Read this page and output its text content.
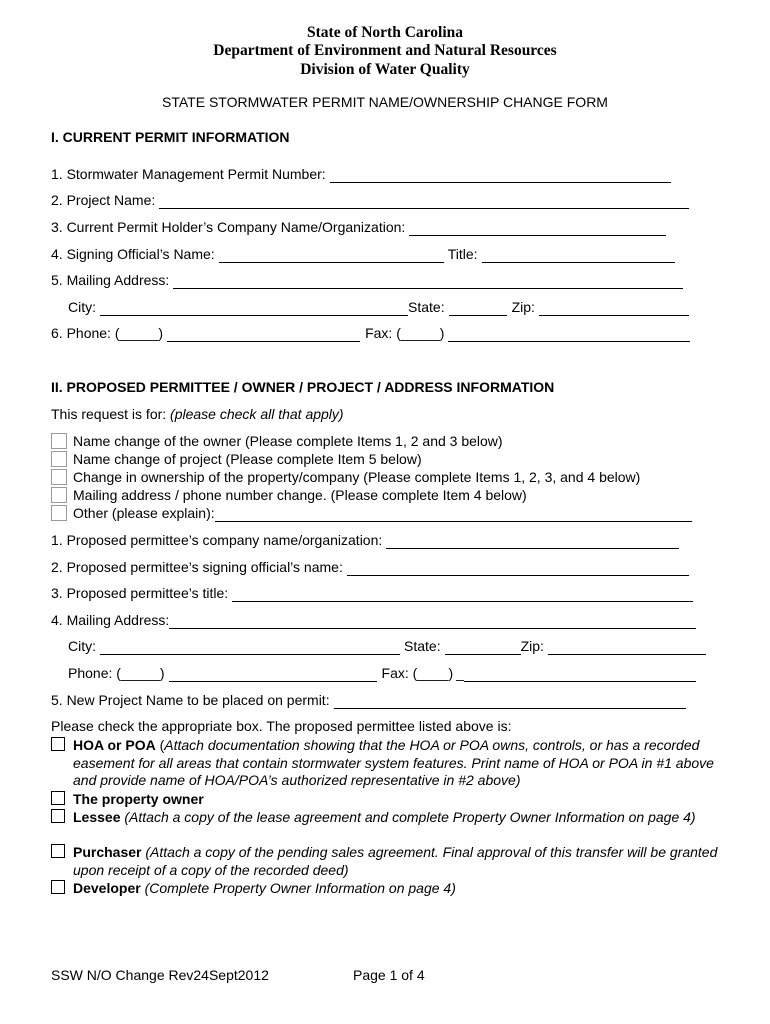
State of North Carolina
Department of Environment and Natural Resources
Division of Water Quality
STATE STORMWATER PERMIT NAME/OWNERSHIP CHANGE FORM
I. CURRENT PERMIT INFORMATION
1. Stormwater Management Permit Number:
2. Project Name:
3. Current Permit Holder’s Company Name/Organization:
4. Signing Official’s Name:	Title:
5. Mailing Address:
City:	State:	Zip:
6. Phone: (_____)	Fax: (_____)
II. PROPOSED PERMITTEE / OWNER / PROJECT / ADDRESS INFORMATION
This request is for: (please check all that apply)
Name change of the owner (Please complete Items 1, 2 and 3 below)
Name change of project (Please complete Item 5 below)
Change in ownership of the property/company (Please complete Items 1, 2, 3, and 4 below)
Mailing address / phone number change. (Please complete Item 4 below)
Other (please explain):
1. Proposed permittee’s company name/organization:
2. Proposed permittee’s signing official’s name:
3. Proposed permittee’s title:
4. Mailing Address:
City:	State:	Zip:
Phone: (_____)	Fax: (____) _
5. New Project Name to be placed on permit:
Please check the appropriate box. The proposed permittee listed above is:
HOA or POA (Attach documentation showing that the HOA or POA owns, controls, or has a recorded easement for all areas that contain stormwater system features. Print name of HOA or POA in #1 above and provide name of HOA/POA’s authorized representative in #2 above)
The property owner
Lessee (Attach a copy of the lease agreement and complete Property Owner Information on page 4)
Purchaser (Attach a copy of the pending sales agreement. Final approval of this transfer will be granted upon receipt of a copy of the recorded deed)
Developer (Complete Property Owner Information on page 4)
SSW N/O Change Rev24Sept2012	Page 1 of 4
